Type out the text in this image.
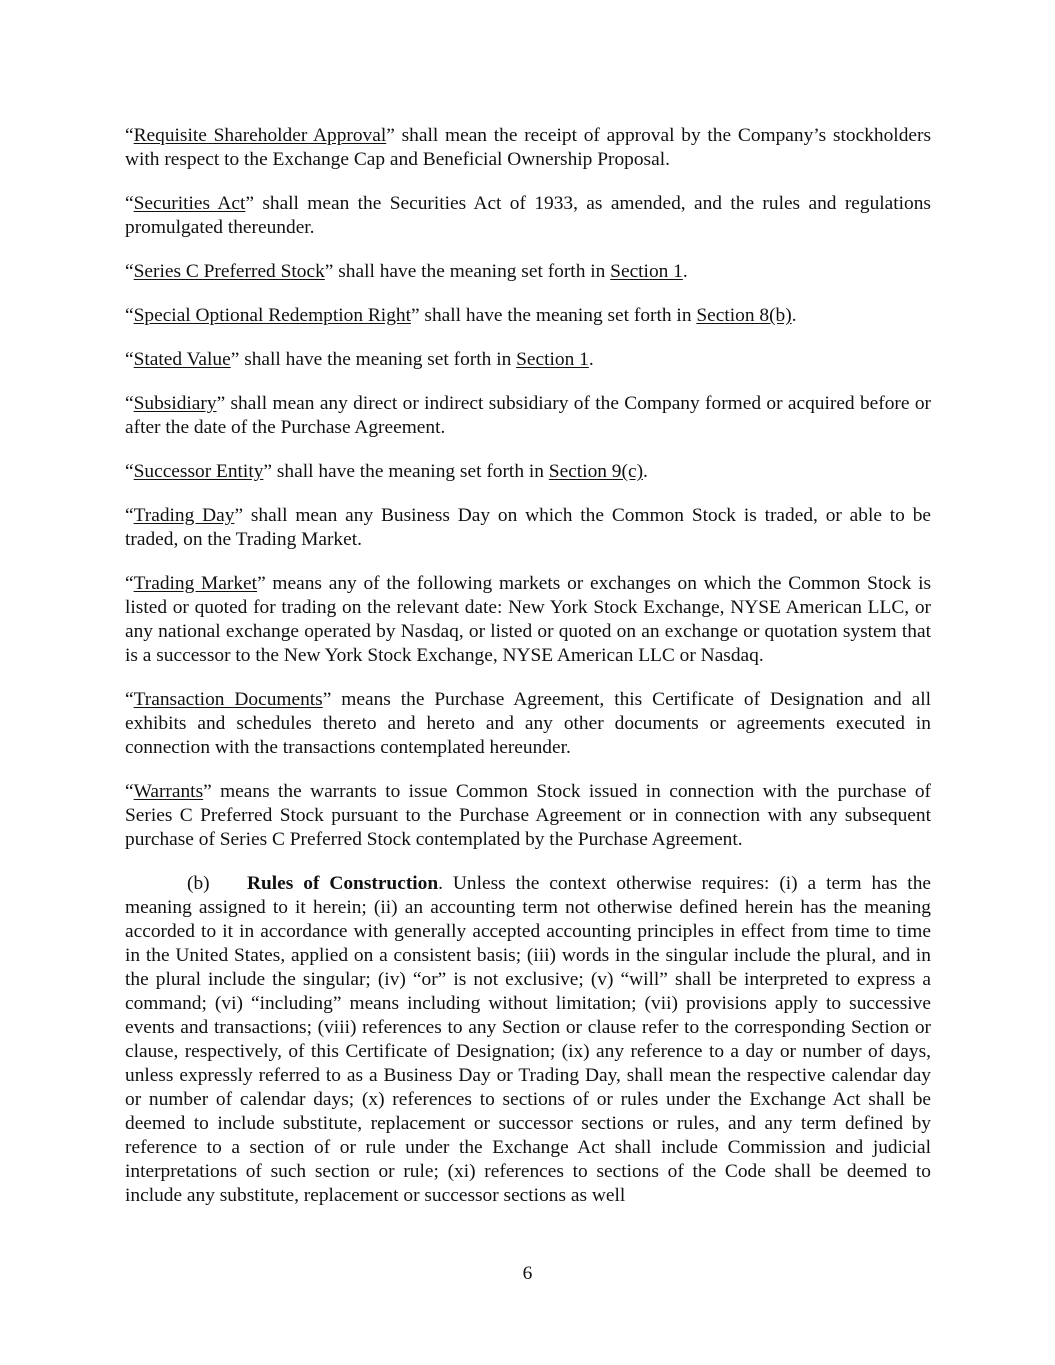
“Requisite Shareholder Approval” shall mean the receipt of approval by the Company’s stockholders with respect to the Exchange Cap and Beneficial Ownership Proposal.

“Securities Act” shall mean the Securities Act of 1933, as amended, and the rules and regulations promulgated thereunder.

“Series C Preferred Stock” shall have the meaning set forth in Section 1.

“Special Optional Redemption Right” shall have the meaning set forth in Section 8(b).

“Stated Value” shall have the meaning set forth in Section 1.

“Subsidiary” shall mean any direct or indirect subsidiary of the Company formed or acquired before or after the date of the Purchase Agreement.

“Successor Entity” shall have the meaning set forth in Section 9(c).

“Trading Day” shall mean any Business Day on which the Common Stock is traded, or able to be traded, on the Trading Market.

“Trading Market” means any of the following markets or exchanges on which the Common Stock is listed or quoted for trading on the relevant date: New York Stock Exchange, NYSE American LLC, or any national exchange operated by Nasdaq, or listed or quoted on an exchange or quotation system that is a successor to the New York Stock Exchange, NYSE American LLC or Nasdaq.

“Transaction Documents” means the Purchase Agreement, this Certificate of Designation and all exhibits and schedules thereto and hereto and any other documents or agreements executed in connection with the transactions contemplated hereunder.

“Warrants” means the warrants to issue Common Stock issued in connection with the purchase of Series C Preferred Stock pursuant to the Purchase Agreement or in connection with any subsequent purchase of Series C Preferred Stock contemplated by the Purchase Agreement.

(b) Rules of Construction. Unless the context otherwise requires: (i) a term has the meaning assigned to it herein; (ii) an accounting term not otherwise defined herein has the meaning accorded to it in accordance with generally accepted accounting principles in effect from time to time in the United States, applied on a consistent basis; (iii) words in the singular include the plural, and in the plural include the singular; (iv) “or” is not exclusive; (v) “will” shall be interpreted to express a command; (vi) “including” means including without limitation; (vii) provisions apply to successive events and transactions; (viii) references to any Section or clause refer to the corresponding Section or clause, respectively, of this Certificate of Designation; (ix) any reference to a day or number of days, unless expressly referred to as a Business Day or Trading Day, shall mean the respective calendar day or number of calendar days; (x) references to sections of or rules under the Exchange Act shall be deemed to include substitute, replacement or successor sections or rules, and any term defined by reference to a section of or rule under the Exchange Act shall include Commission and judicial interpretations of such section or rule; (xi) references to sections of the Code shall be deemed to include any substitute, replacement or successor sections as well

6
